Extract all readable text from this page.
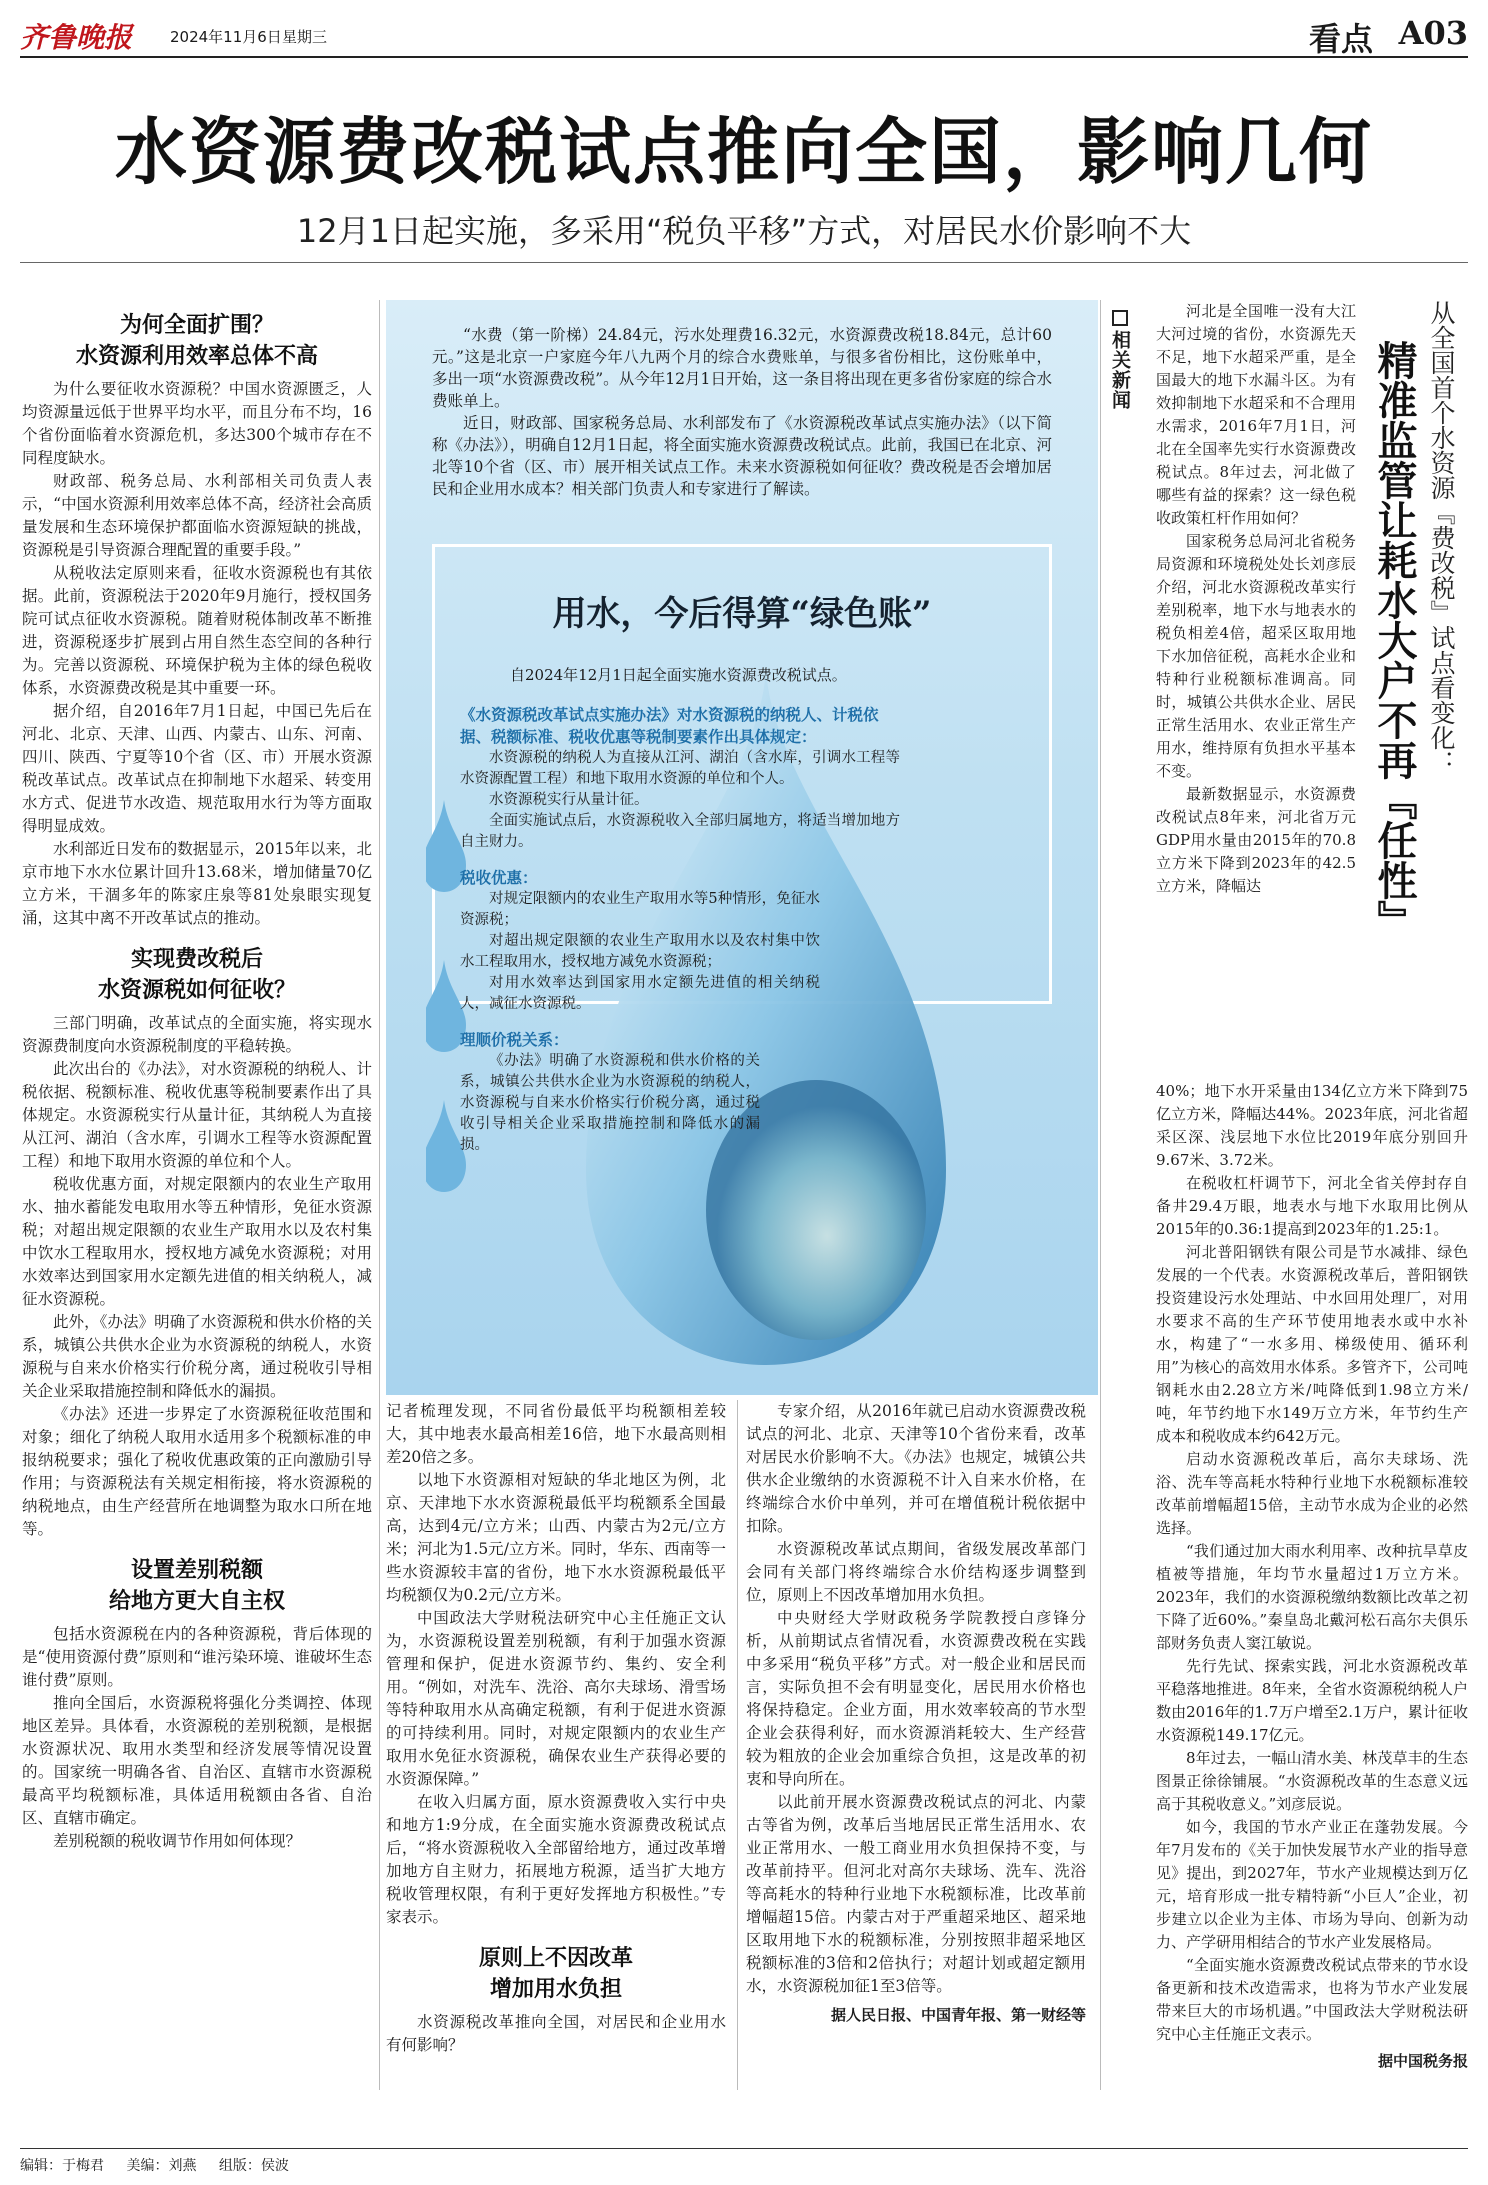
齐鲁晚报	2024年11月6日 星期三	看点 A03
水资源费改税试点推向全国，影响几何
12月1日起实施，多采用“税负平移”方式，对居民水价影响不大
为何全面扩围？
水资源利用效率总体不高

为什么要征收水资源税？中国水资源匮乏，人均资源量远低于世界平均水平，而且分布不均，16个省份面临着水资源危机，多达300个城市存在不同程度缺水。

财政部、税务总局、水利部相关司负责人表示，“中国水资源利用效率总体不高，经济社会高质量发展和生态环境保护都面临水资源短缺的挑战，资源税是引导资源合理配置的重要手段。”

从税收法定原则来看，征收水资源税也有其依据。此前，资源税法于2020年9月施行，授权国务院可试点征收水资源税。随着财税体制改革不断推进，资源税逐步扩展到占用自然生态空间的各种行为。完善以资源税、环境保护税为主体的绿色税收体系，水资源费改税是其中重要一环。

据介绍，自2016年7月1日起，中国已先后在河北、北京、天津、山西、内蒙古、山东、河南、四川、陕西、宁夏等10个省（区、市）开展水资源税改革试点。改革试点在抑制地下水超采、转变用水方式、促进节水改造、规范取用水行为等方面取得明显成效。

水利部近日发布的数据显示，2015年以来，北京市地下水水位累计回升13.68米，增加储量70亿立方米，干涸多年的陈家庄泉等81处泉眼实现复涌，这其中离不开改革试点的推动。

实现费改税后
水资源税如何征收？

三部门明确，改革试点的全面实施，将实现水资源费制度向水资源税制度的平稳转换。

此次出台的《办法》，对水资源税的纳税人、计税依据、税额标准、税收优惠等税制要素作出了具体规定。水资源税实行从量计征，其纳税人为直接从江河、湖泊（含水库，引调水工程等水资源配置工程）和地下取用水资源的单位和个人。

税收优惠方面，对规定限额内的农业生产取用水、抽水蓄能发电取用水等五种情形，免征水资源税；对超出规定限额的农业生产取用水以及农村集中饮水工程取用水，授权地方减免水资源税；对用水效率达到国家用水定额先进值的相关纳税人，减征水资源税。

此外，《办法》明确了水资源税和供水价格的关系，城镇公共供水企业为水资源税的纳税人，水资源税与自来水价格实行价税分离，通过税收引导相关企业采取措施控制和降低水的漏损。

《办法》还进一步界定了水资源税征收范围和对象；细化了纳税人取用水适用多个税额标准的申报纳税要求；强化了税收优惠政策的正向激励引导作用；与资源税法有关规定相衔接，将水资源税的纳税地点，由生产经营所在地调整为取水口所在地等。

设置差别税额
给地方更大自主权

包括水资源税在内的各种资源税，背后体现的是“使用资源付费”原则和“谁污染环境、谁破坏生态谁付费”原则。

推向全国后，水资源税将强化分类调控、体现地区差异。具体看，水资源税的差别税额，是根据水资源状况、取用水类型和经济发展等情况设置的。国家统一明确各省、自治区、直辖市水资源税最高平均税额标准，具体适用税额由各省、自治区、直辖市确定。

差别税额的税收调节作用如何体现？

“水费（第一阶梯）24.84元，污水处理费16.32元，水资源费改税18.84元，总计60元。”这是北京一户家庭今年八九两个月的综合水费账单，与很多省份相比，这份账单中，多出一项“水资源费改税”。从今年12月1日开始，这一条目将出现在更多省份家庭的综合水费账单上。

近日，财政部、国家税务总局、水利部发布了《水资源税改革试点实施办法》（以下简称《办法》），明确自12月1日起，将全面实施水资源费改税试点。此前，我国已在北京、河北等10个省（区、市）展开相关试点工作。未来水资源税如何征收？费改税是否会增加居民和企业用水成本？相关部门负责人和专家进行了解读。

用水，今后得算“绿色账”
自2024年12月1日起全面实施水资源费改税试点。
《水资源税改革试点实施办法》对水资源税的纳税人、计税依据、税额标准、税收优惠等税制要素作出具体规定：

水资源税的纳税人为直接从江河、湖泊（含水库，引调水工程等水资源配置工程）和地下取用水资源的单位和个人。

水资源税实行从量计征。

全面实施试点后，水资源税收入全部归属地方，将适当增加地方自主财力。

税收优惠：

对规定限额内的农业生产取用水等5种情形，免征水资源税；

对超出规定限额的农业生产取用水以及农村集中饮水工程取用水，授权地方减免水资源税；

对用水效率达到国家用水定额先进值的相关纳税人，减征水资源税。

理顺价税关系：

《办法》明确了水资源税和供水价格的关系，城镇公共供水企业为水资源税的纳税人，水资源税与自来水价格实行价税分离，通过税收引导相关企业采取措施控制和降低水的漏损。

记者梳理发现，不同省份最低平均税额相差较大，其中地表水最高相差16倍，地下水最高则相差20倍之多。

以地下水资源相对短缺的华北地区为例，北京、天津地下水水资源税最低平均税额系全国最高，达到4元/立方米；山西、内蒙古为2元/立方米；河北为1.5元/立方米。同时，华东、西南等一些水资源较丰富的省份，地下水水资源税最低平均税额仅为0.2元/立方米。

中国政法大学财税法研究中心主任施正文认为，水资源税设置差别税额，有利于加强水资源管理和保护，促进水资源节约、集约、安全利用。“例如，对洗车、洗浴、高尔夫球场、滑雪场等特种取用水从高确定税额，有利于促进水资源的可持续利用。同时，对规定限额内的农业生产取用水免征水资源税，确保农业生产获得必要的水资源保障。”

在收入归属方面，原水资源费收入实行中央和地方1:9分成，在全面实施水资源费改税试点后，“将水资源税收入全部留给地方，通过改革增加地方自主财力，拓展地方税源，适当扩大地方税收管理权限，有利于更好发挥地方积极性。”专家表示。

原则上不因改革
增加用水负担

水资源税改革推向全国，对居民和企业用水有何影响？

专家介绍，从2016年就已启动水资源费改税试点的河北、北京、天津等10个省份来看，改革对居民水价影响不大。《办法》也规定，城镇公共供水企业缴纳的水资源税不计入自来水价格，在终端综合水价中单列，并可在增值税计税依据中扣除。

水资源税改革试点期间，省级发展改革部门会同有关部门将终端综合水价结构逐步调整到位，原则上不因改革增加用水负担。

中央财经大学财政税务学院教授白彦锋分析，从前期试点省情况看，水资源费改税在实践中多采用“税负平移”方式。对一般企业和居民而言，实际负担不会有明显变化，居民用水价格也将保持稳定。企业方面，用水效率较高的节水型企业会获得利好，而水资源消耗较大、生产经营较为粗放的企业会加重综合负担，这是改革的初衷和导向所在。

以此前开展水资源费改税试点的河北、内蒙古等省为例，改革后当地居民正常生活用水、农业正常用水、一般工商业用水负担保持不变，与改革前持平。但河北对高尔夫球场、洗车、洗浴等高耗水的特种行业地下水税额标准，比改革前增幅超15倍。内蒙古对于严重超采地区、超采地区取用地下水的税额标准，分别按照非超采地区税额标准的3倍和2倍执行；对超计划或超定额用水，水资源税加征1至3倍等。

据人民日报、中国青年报、第一财经等
相关新闻

河北是全国唯一没有大江大河过境的省份，水资源先天不足，地下水超采严重，是全国最大的地下水漏斗区。为有效抑制地下水超采和不合理用水需求，2016年7月1日，河北在全国率先实行水资源费改税试点。8年过去，河北做了哪些有益的探索？这一绿色税收政策杠杆作用如何？

国家税务总局河北省税务局资源和环境税处处长刘彦辰介绍，河北水资源税改革实行差别税率，地下水与地表水的税负相差4倍，超采区取用地下水加倍征税，高耗水企业和特种行业税额标准调高。同时，城镇公共供水企业、居民正常生活用水、农业正常生产用水，维持原有负担水平基本不变。

最新数据显示，水资源费改税试点8年来，河北省万元GDP用水量由2015年的70.8立方米下降到2023年的42.5立方米，降幅达	精准监管让耗水大户不再『任性』 从全国首个水资源『费改税』试点看变化：

40%；地下水开采量由134亿立方米下降到75亿立方米，降幅达44%。2023年底，河北省超采区深、浅层地下水位比2019年底分别回升9.67米、3.72米。

在税收杠杆调节下，河北全省关停封存自备井29.4万眼，地表水与地下水取用比例从2015年的0.36:1提高到2023年的1.25:1。

河北普阳钢铁有限公司是节水减排、绿色发展的一个代表。水资源税改革后，普阳钢铁投资建设污水处理站、中水回用处理厂，对用水要求不高的生产环节使用地表水或中水补水，构建了“一水多用、梯级使用、循环利用”为核心的高效用水体系。多管齐下，公司吨钢耗水由2.28立方米/吨降低到1.98立方米/吨，年节约地下水149万立方米，年节约生产成本和税收成本约642万元。

启动水资源税改革后，高尔夫球场、洗浴、洗车等高耗水特种行业地下水税额标准较改革前增幅超15倍，主动节水成为企业的必然选择。

“我们通过加大雨水利用率、改种抗旱草皮植被等措施，年均节水量超过1万立方米。2023年，我们的水资源税缴纳数额比改革之初下降了近60%。”秦皇岛北戴河松石高尔夫俱乐部财务负责人窦江敏说。

先行先试、探索实践，河北水资源税改革平稳落地推进。8年来，全省水资源税纳税人户数由2016年的1.7万户增至2.1万户，累计征收水资源税149.17亿元。

8年过去，一幅山清水美、林茂草丰的生态图景正徐徐铺展。“水资源税改革的生态意义远高于其税收意义。”刘彦辰说。

如今，我国的节水产业正在蓬勃发展。今年7月发布的《关于加快发展节水产业的指导意见》提出，到2027年，节水产业规模达到万亿元，培育形成一批专精特新“小巨人”企业，初步建立以企业为主体、市场为导向、创新为动力、产学研用相结合的节水产业发展格局。

“全面实施水资源费改税试点带来的节水设备更新和技术改造需求，也将为节水产业发展带来巨大的市场机遇。”中国政法大学财税法研究中心主任施正文表示。

据中国税务报
编辑：于梅君 美编：刘燕 组版：侯波
